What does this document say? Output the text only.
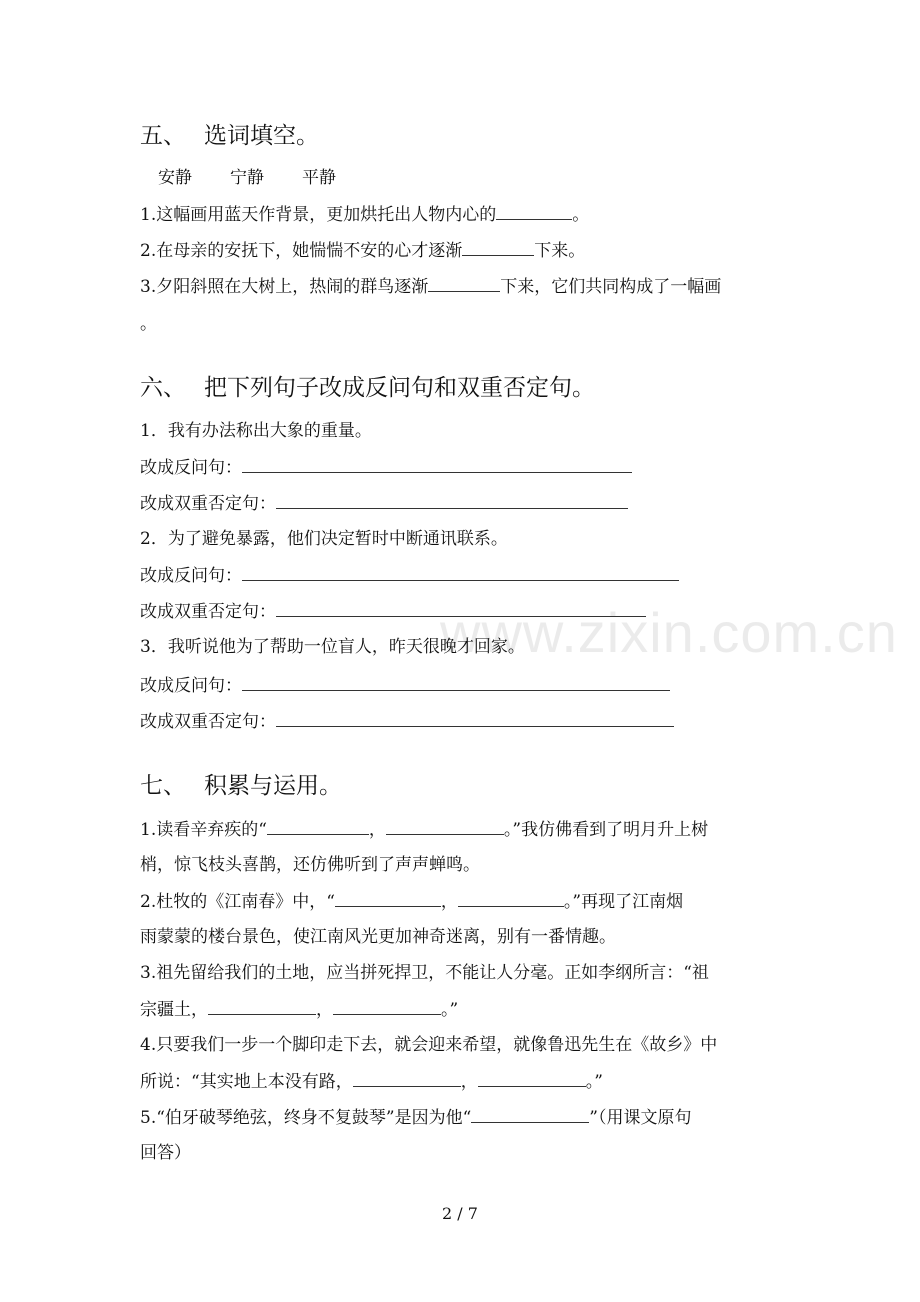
www.zixin.com.cn
五、 选词填空。
安静 宁静 平静
1.这幅画用蓝天作背景，更加烘托出人物内心的	。
2.在母亲的安抚下，她惴惴不安的心才逐渐	下来。
3.夕阳斜照在大树上，热闹的群鸟逐渐	下来，它们共同构成了一幅画
。
六、 把下列句子改成反问句和双重否定句。
1．我有办法称出大象的重量。
改成反问句：
改成双重否定句：
2．为了避免暴露，他们决定暂时中断通讯联系。
改成反问句：
改成双重否定句：
3．我听说他为了帮助一位盲人，昨天很晚才回家。
改成反问句：
改成双重否定句：
七、 积累与运用。
1.读看辛弃疾的“	，	。”我仿佛看到了明月升上树
梢，惊飞枝头喜鹊，还仿佛听到了声声蝉鸣。
2.杜牧的《江南春》中，“	，	。”再现了江南烟
雨蒙蒙的楼台景色，使江南风光更加神奇迷离，别有一番情趣。
3.祖先留给我们的土地，应当拼死捍卫，不能让人分毫。正如李纲所言：“祖
宗疆土，	，	。”
4.只要我们一步一个脚印走下去，就会迎来希望，就像鲁迅先生在《故乡》中
所说：“其实地上本没有路，	，	。”
5.“伯牙破琴绝弦，终身不复鼓琴”是因为他“	”（用课文原句
回答）
2 / 7
